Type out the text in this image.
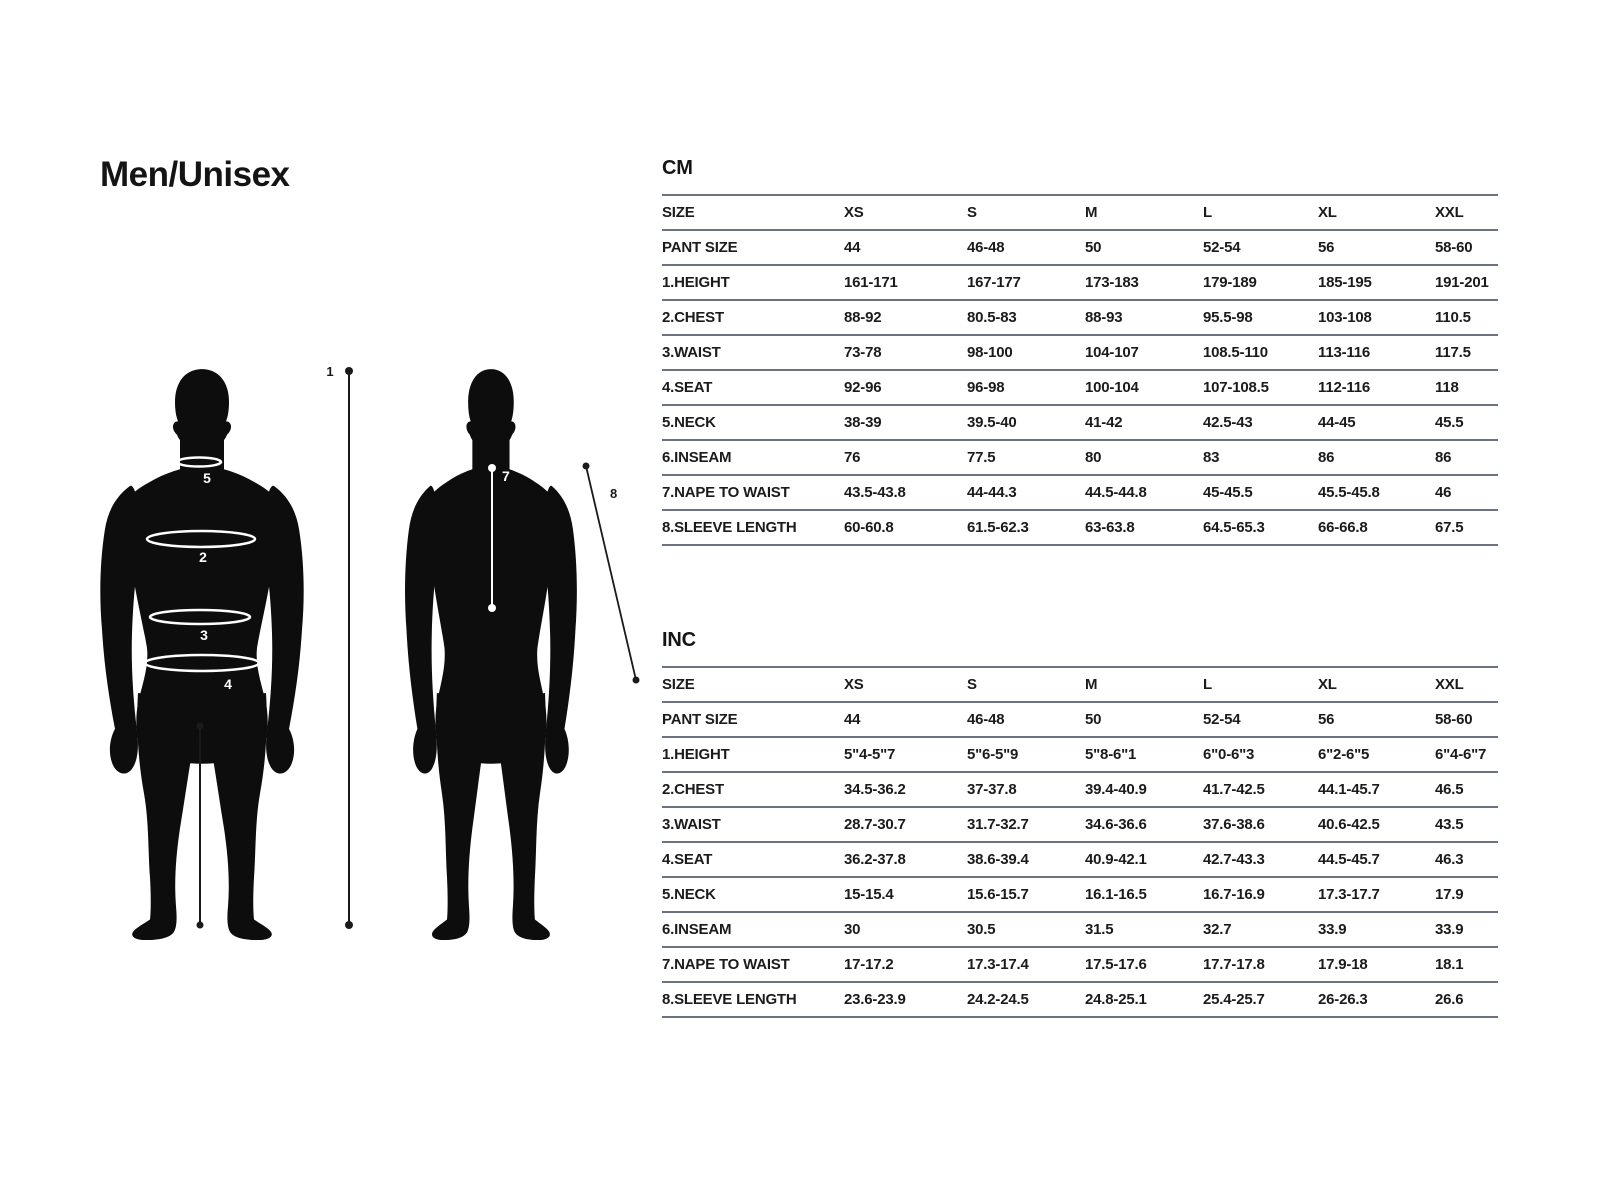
Men/Unisex
5
2
3
4
1
7
8
CM
SIZE	XS	S	M	L	XL	XXL
PANT SIZE	44	46-48	50	52-54	56	58-60
1.HEIGHT	161-171	167-177	173-183	179-189	185-195	191-201
2.CHEST	88-92	80.5-83	88-93	95.5-98	103-108	110.5
3.WAIST	73-78	98-100	104-107	108.5-110	113-116	117.5
4.SEAT	92-96	96-98	100-104	107-108.5	112-116	118
5.NECK	38-39	39.5-40	41-42	42.5-43	44-45	45.5
6.INSEAM	76	77.5	80	83	86	86
7.NAPE TO WAIST	43.5-43.8	44-44.3	44.5-44.8	45-45.5	45.5-45.8	46
8.SLEEVE LENGTH	60-60.8	61.5-62.3	63-63.8	64.5-65.3	66-66.8	67.5
INC
SIZE	XS	S	M	L	XL	XXL
PANT SIZE	44	46-48	50	52-54	56	58-60
1.HEIGHT	5"4-5"7	5"6-5"9	5"8-6"1	6"0-6"3	6"2-6"5	6"4-6"7
2.CHEST	34.5-36.2	37-37.8	39.4-40.9	41.7-42.5	44.1-45.7	46.5
3.WAIST	28.7-30.7	31.7-32.7	34.6-36.6	37.6-38.6	40.6-42.5	43.5
4.SEAT	36.2-37.8	38.6-39.4	40.9-42.1	42.7-43.3	44.5-45.7	46.3
5.NECK	15-15.4	15.6-15.7	16.1-16.5	16.7-16.9	17.3-17.7	17.9
6.INSEAM	30	30.5	31.5	32.7	33.9	33.9
7.NAPE TO WAIST	17-17.2	17.3-17.4	17.5-17.6	17.7-17.8	17.9-18	18.1
8.SLEEVE LENGTH	23.6-23.9	24.2-24.5	24.8-25.1	25.4-25.7	26-26.3	26.6
